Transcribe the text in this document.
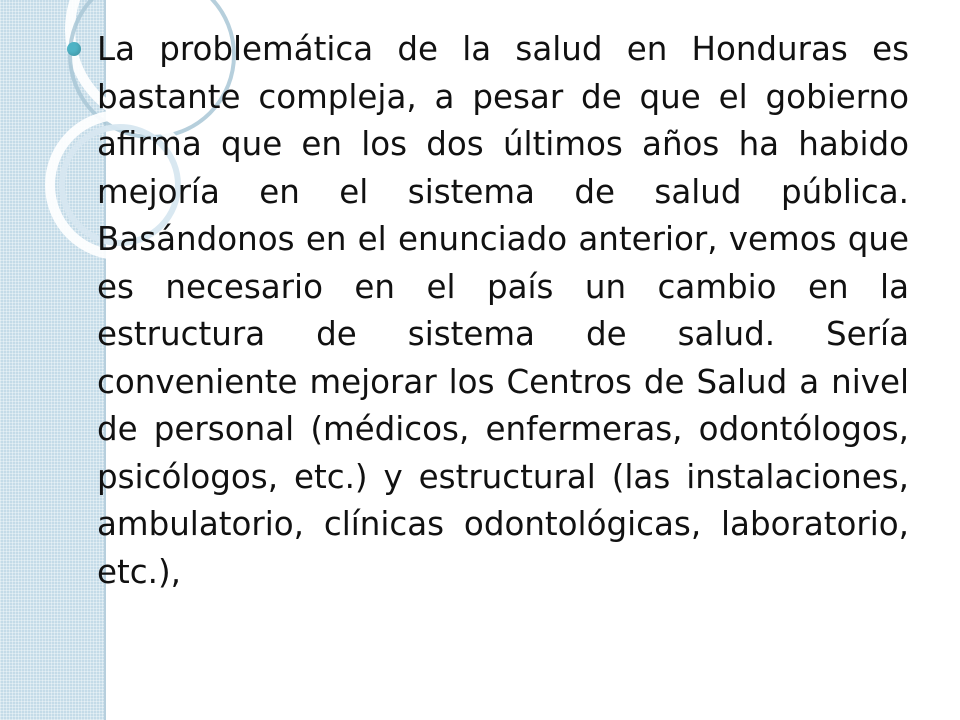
La problemática de la salud en Honduras es bastante compleja, a pesar de que el gobierno afirma que en los dos últimos años ha habido mejoría en el sistema de salud pública. Basándonos en el enunciado anterior, vemos que es necesario en el país un cambio en la estructura de sistema de salud. Sería conveniente mejorar los Centros de Salud a nivel de personal (médicos, enfermeras, odontólogos, psicólogos, etc.) y estructural (las instalaciones, ambulatorio, clínicas odontológicas, laboratorio, etc.),
